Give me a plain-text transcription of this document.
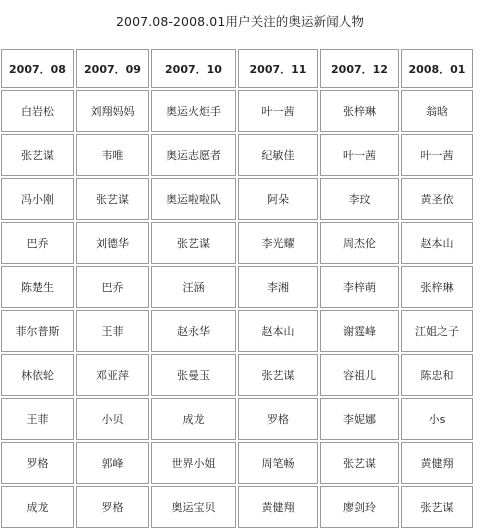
2007.08-2008.01用户关注的奥运新闻人物
2007．08	2007．09	2007．10	2007．11	2007．12	2008．01
白岩松	刘翔妈妈	奥运火炬手	叶一茜	张梓琳	翁晗
张艺谋	韦唯	奥运志愿者	纪敏佳	叶一茜	叶一茜
冯小刚	张艺谋	奥运啦啦队	阿朵	李玟	黄圣依
巴乔	刘德华	张艺谋	李光耀	周杰伦	赵本山
陈楚生	巴乔	汪涵	李湘	李梓萌	张梓琳
菲尔普斯	王菲	赵永华	赵本山	谢霆峰	江姐之子
林依轮	邓亚萍	张曼玉	张艺谋	容祖儿	陈忠和
王菲	小贝	成龙	罗格	李妮娜	小s
罗格	郭峰	世界小姐	周笔畅	张艺谋	黄健翔
成龙	罗格	奥运宝贝	黄健翔	廖剑玲	张艺谋
